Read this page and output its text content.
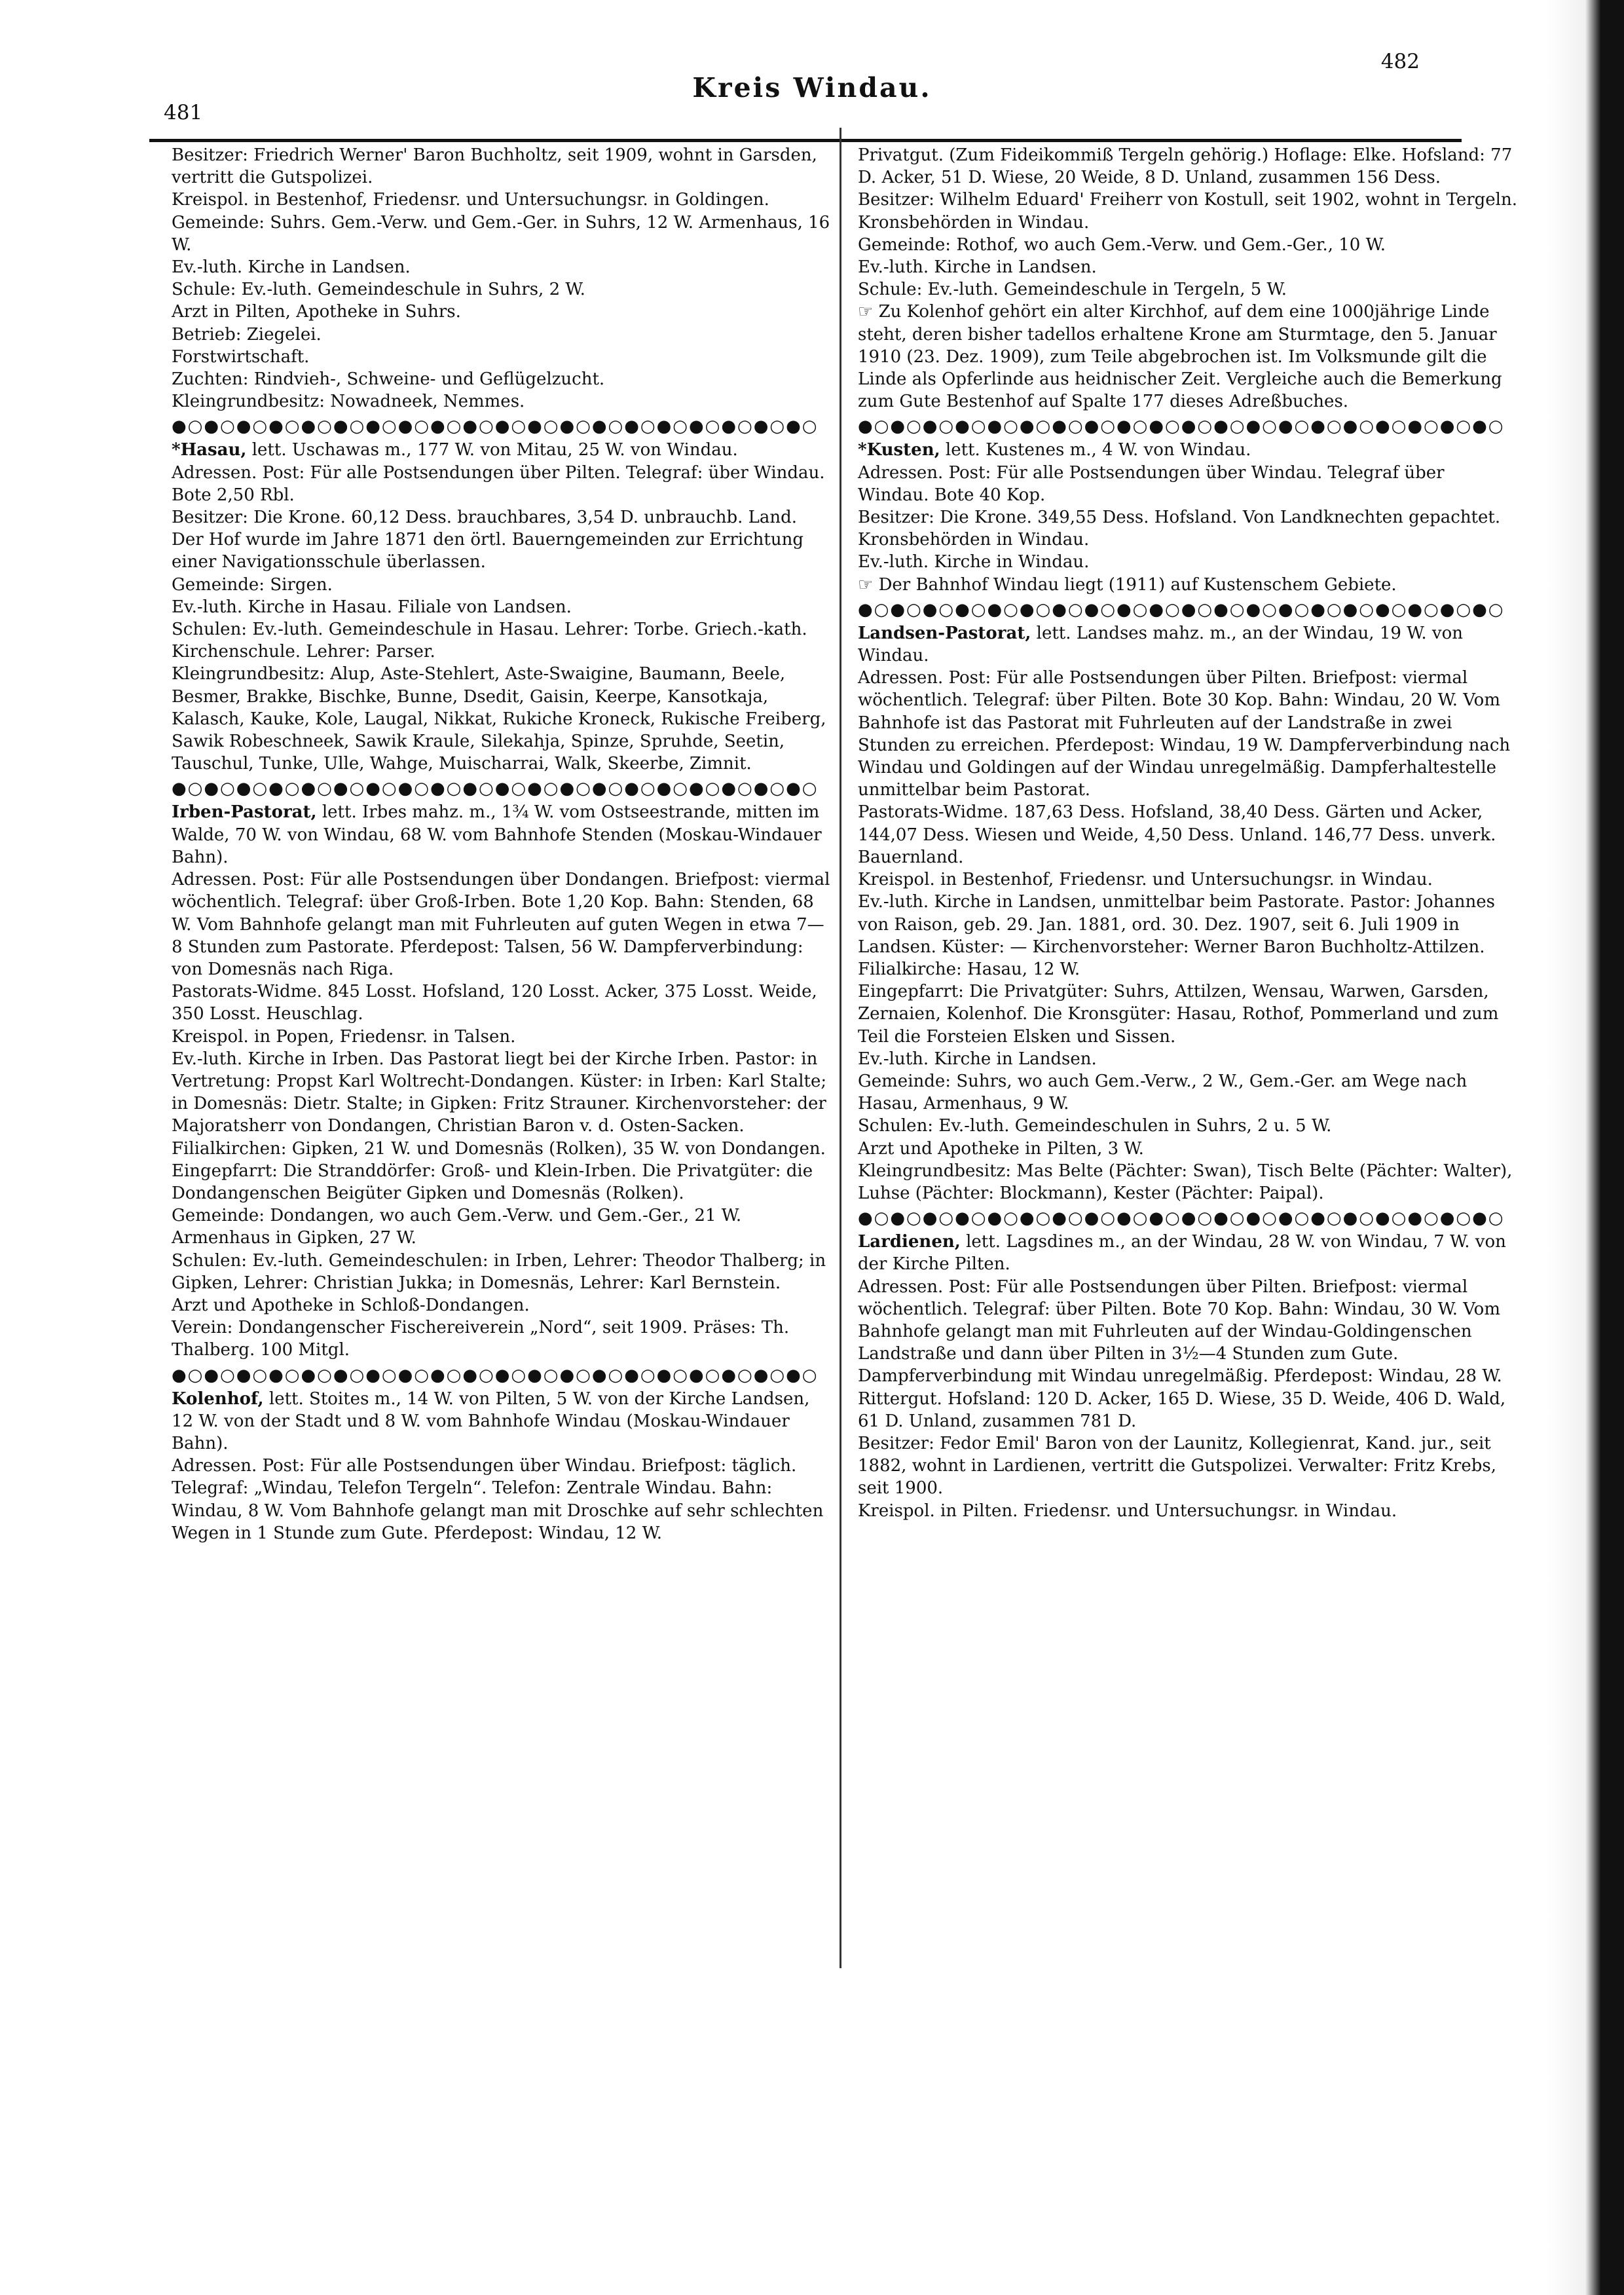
481
Kreis Windau.
482

Besitzer: Friedrich Werner' Baron Buchholtz, seit 1909, wohnt in Garsden, vertritt die Gutspolizei.

Kreispol. in Bestenhof, Friedensr. und Untersuchungsr. in Goldingen.

Gemeinde: Suhrs. Gem.-Verw. und Gem.-Ger. in Suhrs, 12 W. Armenhaus, 16 W.

Ev.-luth. Kirche in Landsen.

Schule: Ev.-luth. Gemeindeschule in Suhrs, 2 W.

Arzt in Pilten, Apotheke in Suhrs.

Betrieb: Ziegelei.

Forstwirtschaft.

Zuchten: Rindvieh-, Schweine- und Geflügelzucht.

Kleingrundbesitz: Nowadneek, Nemmes.

●○●○●○●○●○●○●○●○●○●○●○●○●○●○●○●○●○●○●○●○

*Hasau, lett. Uschawas m., 177 W. von Mitau, 25 W. von Windau.

Adressen. Post: Für alle Postsendungen über Pilten. Telegraf: über Windau. Bote 2,50 Rbl.

Besitzer: Die Krone. 60,12 Dess. brauchbares, 3,54 D. unbrauchb. Land. Der Hof wurde im Jahre 1871 den örtl. Bauerngemeinden zur Errichtung einer Navigationsschule überlassen.

Gemeinde: Sirgen.

Ev.-luth. Kirche in Hasau. Filiale von Landsen.

Schulen: Ev.-luth. Gemeindeschule in Hasau. Lehrer: Torbe. Griech.-kath. Kirchenschule. Lehrer: Parser.

Kleingrundbesitz: Alup, Aste-Stehlert, Aste-Swaigine, Baumann, Beele, Besmer, Brakke, Bischke, Bunne, Dsedit, Gaisin, Keerpe, Kansotkaja, Kalasch, Kauke, Kole, Laugal, Nikkat, Rukiche Kroneck, Rukische Freiberg, Sawik Robeschneek, Sawik Kraule, Silekahja, Spinze, Spruhde, Seetin, Tauschul, Tunke, Ulle, Wahge, Muischarrai, Walk, Skeerbe, Zimnit.

●○●○●○●○●○●○●○●○●○●○●○●○●○●○●○●○●○●○●○●○

Irben-Pastorat, lett. Irbes mahz. m., 1¾ W. vom Ostseestrande, mitten im Walde, 70 W. von Windau, 68 W. vom Bahnhofe Stenden (Moskau-Windauer Bahn).

Adressen. Post: Für alle Postsendungen über Dondangen. Briefpost: viermal wöchentlich. Telegraf: über Groß-Irben. Bote 1,20 Kop. Bahn: Stenden, 68 W. Vom Bahnhofe gelangt man mit Fuhrleuten auf guten Wegen in etwa 7—8 Stunden zum Pastorate. Pferdepost: Talsen, 56 W. Dampferverbindung: von Domesnäs nach Riga.

Pastorats-Widme. 845 Losst. Hofsland, 120 Losst. Acker, 375 Losst. Weide, 350 Losst. Heuschlag.

Kreispol. in Popen, Friedensr. in Talsen.

Ev.-luth. Kirche in Irben. Das Pastorat liegt bei der Kirche Irben. Pastor: in Vertretung: Propst Karl Woltrecht-Dondangen. Küster: in Irben: Karl Stalte; in Domesnäs: Dietr. Stalte; in Gipken: Fritz Strauner. Kirchenvorsteher: der Majoratsherr von Dondangen, Christian Baron v. d. Osten-Sacken. Filialkirchen: Gipken, 21 W. und Domesnäs (Rolken), 35 W. von Dondangen.

Eingepfarrt: Die Stranddörfer: Groß- und Klein-Irben. Die Privatgüter: die Dondangenschen Beigüter Gipken und Domesnäs (Rolken).

Gemeinde: Dondangen, wo auch Gem.-Verw. und Gem.-Ger., 21 W. Armenhaus in Gipken, 27 W.

Schulen: Ev.-luth. Gemeindeschulen: in Irben, Lehrer: Theodor Thalberg; in Gipken, Lehrer: Christian Jukka; in Domesnäs, Lehrer: Karl Bernstein.

Arzt und Apotheke in Schloß-Dondangen.

Verein: Dondangenscher Fischereiverein „Nord“, seit 1909. Präses: Th. Thalberg. 100 Mitgl.

●○●○●○●○●○●○●○●○●○●○●○●○●○●○●○●○●○●○●○●○

Kolenhof, lett. Stoites m., 14 W. von Pilten, 5 W. von der Kirche Landsen, 12 W. von der Stadt und 8 W. vom Bahnhofe Windau (Moskau-Windauer Bahn).

Adressen. Post: Für alle Postsendungen über Windau. Briefpost: täglich. Telegraf: „Windau, Telefon Tergeln“. Telefon: Zentrale Windau. Bahn: Windau, 8 W. Vom Bahnhofe gelangt man mit Droschke auf sehr schlechten Wegen in 1 Stunde zum Gute. Pferdepost: Windau, 12 W.

Privatgut. (Zum Fideikommiß Tergeln gehörig.) Hoflage: Elke. Hofsland: 77 D. Acker, 51 D. Wiese, 20 Weide, 8 D. Unland, zusammen 156 Dess.

Besitzer: Wilhelm Eduard' Freiherr von Kostull, seit 1902, wohnt in Tergeln.

Kronsbehörden in Windau.

Gemeinde: Rothof, wo auch Gem.-Verw. und Gem.-Ger., 10 W.

Ev.-luth. Kirche in Landsen.

Schule: Ev.-luth. Gemeindeschule in Tergeln, 5 W.

☞ Zu Kolenhof gehört ein alter Kirchhof, auf dem eine 1000jährige Linde steht, deren bisher tadellos erhaltene Krone am Sturmtage, den 5. Januar 1910 (23. Dez. 1909), zum Teile abgebrochen ist. Im Volksmunde gilt die Linde als Opferlinde aus heidnischer Zeit. Vergleiche auch die Bemerkung zum Gute Bestenhof auf Spalte 177 dieses Adreßbuches.

●○●○●○●○●○●○●○●○●○●○●○●○●○●○●○●○●○●○●○●○

*Kusten, lett. Kustenes m., 4 W. von Windau.

Adressen. Post: Für alle Postsendungen über Windau. Telegraf über Windau. Bote 40 Kop.

Besitzer: Die Krone. 349,55 Dess. Hofsland. Von Landknechten gepachtet.

Kronsbehörden in Windau.

Ev.-luth. Kirche in Windau.

☞ Der Bahnhof Windau liegt (1911) auf Kustenschem Gebiete.

●○●○●○●○●○●○●○●○●○●○●○●○●○●○●○●○●○●○●○●○

Landsen-Pastorat, lett. Landses mahz. m., an der Windau, 19 W. von Windau.

Adressen. Post: Für alle Postsendungen über Pilten. Briefpost: viermal wöchentlich. Telegraf: über Pilten. Bote 30 Kop. Bahn: Windau, 20 W. Vom Bahnhofe ist das Pastorat mit Fuhrleuten auf der Landstraße in zwei Stunden zu erreichen. Pferdepost: Windau, 19 W. Dampferverbindung nach Windau und Goldingen auf der Windau unregelmäßig. Dampferhaltestelle unmittelbar beim Pastorat.

Pastorats-Widme. 187,63 Dess. Hofsland, 38,40 Dess. Gärten und Acker, 144,07 Dess. Wiesen und Weide, 4,50 Dess. Unland. 146,77 Dess. unverk. Bauernland.

Kreispol. in Bestenhof, Friedensr. und Untersuchungsr. in Windau.

Ev.-luth. Kirche in Landsen, unmittelbar beim Pastorate. Pastor: Johannes von Raison, geb. 29. Jan. 1881, ord. 30. Dez. 1907, seit 6. Juli 1909 in Landsen. Küster: — Kirchenvorsteher: Werner Baron Buchholtz-Attilzen.

Filialkirche: Hasau, 12 W.

Eingepfarrt: Die Privatgüter: Suhrs, Attilzen, Wensau, Warwen, Garsden, Zernaien, Kolenhof. Die Kronsgüter: Hasau, Rothof, Pommerland und zum Teil die Forsteien Elsken und Sissen.

Ev.-luth. Kirche in Landsen.

Gemeinde: Suhrs, wo auch Gem.-Verw., 2 W., Gem.-Ger. am Wege nach Hasau, Armenhaus, 9 W.

Schulen: Ev.-luth. Gemeindeschulen in Suhrs, 2 u. 5 W.

Arzt und Apotheke in Pilten, 3 W.

Kleingrundbesitz: Mas Belte (Pächter: Swan), Tisch Belte (Pächter: Walter), Luhse (Pächter: Blockmann), Kester (Pächter: Paipal).

●○●○●○●○●○●○●○●○●○●○●○●○●○●○●○●○●○●○●○●○

Lardienen, lett. Lagsdines m., an der Windau, 28 W. von Windau, 7 W. von der Kirche Pilten.

Adressen. Post: Für alle Postsendungen über Pilten. Briefpost: viermal wöchentlich. Telegraf: über Pilten. Bote 70 Kop. Bahn: Windau, 30 W. Vom Bahnhofe gelangt man mit Fuhrleuten auf der Windau-Goldingenschen Landstraße und dann über Pilten in 3½—4 Stunden zum Gute. Dampferverbindung mit Windau unregelmäßig. Pferdepost: Windau, 28 W.

Rittergut. Hofsland: 120 D. Acker, 165 D. Wiese, 35 D. Weide, 406 D. Wald, 61 D. Unland, zusammen 781 D.

Besitzer: Fedor Emil' Baron von der Launitz, Kollegienrat, Kand. jur., seit 1882, wohnt in Lardienen, vertritt die Gutspolizei. Verwalter: Fritz Krebs, seit 1900.

Kreispol. in Pilten. Friedensr. und Untersuchungsr. in Windau.
